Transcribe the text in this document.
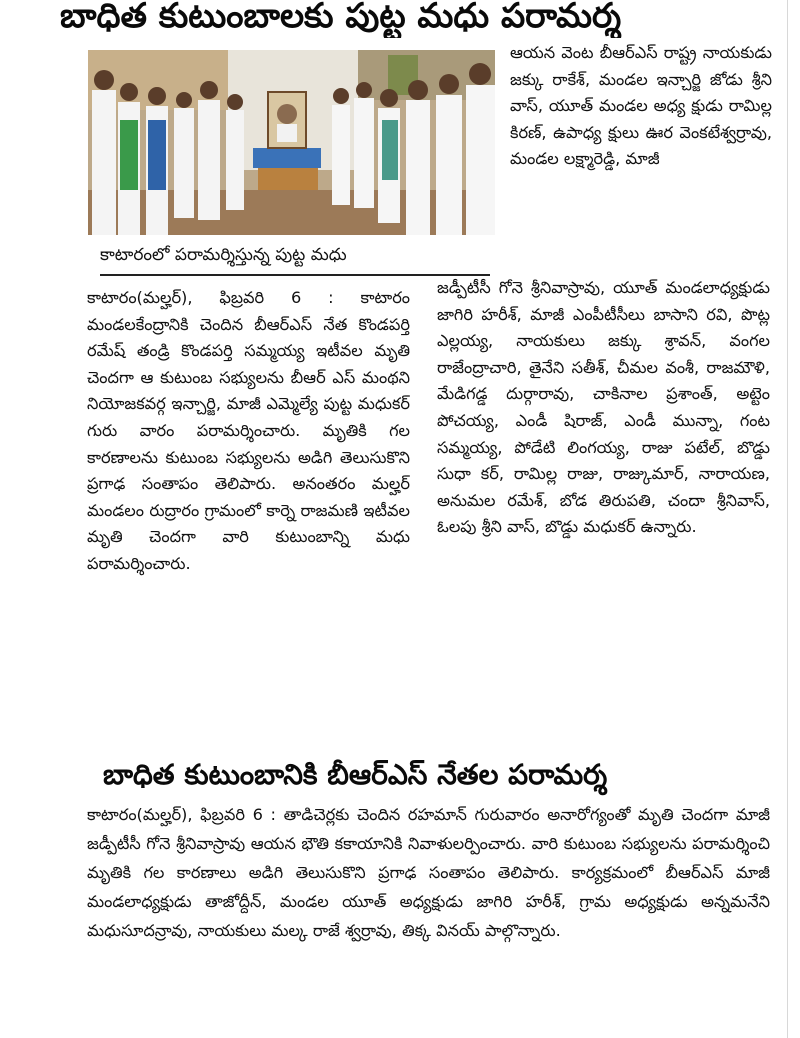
బాధిత కుటుంబాలకు పుట్ట మధు పరామర్శ
కాటారంలో పరామర్శిస్తున్న పుట్ట మధు

ఆయన వెంట బీఆర్ఎస్ రాష్ట్ర నాయకుడు జక్కు రాకేశ్, మండల ఇన్చార్జి జోడు శ్రీని వాస్, యూత్ మండల అధ్య క్షుడు రామిల్ల కిరణ్, ఉపాధ్య క్షులు ఊర వెంకటేశ్వర్రావు, మండల లక్ష్మారెడ్డి, మాజీ

కాటారం(మల్హర్), ఫిబ్రవరి 6 : కాటారం మండలకేంద్రానికి చెందిన బీఆర్ఎస్ నేత కొండపర్తి రమేష్ తండ్రి కొండపర్తి సమ్మయ్య ఇటీవల మృతి చెందగా ఆ కుటుంబ సభ్యులను బీఆర్ ఎస్ మంథని నియోజకవర్గ ఇన్చార్జి, మాజీ ఎమ్మెల్యే పుట్ట మధుకర్ గురు వారం పరామర్శించారు. మృతికి గల కారణాలను కుటుంబ సభ్యులను అడిగి తెలుసుకొని ప్రగాఢ సంతాపం తెలిపారు. అనంతరం మల్హర్ మండలం రుద్రారం గ్రామంలో కార్నె రాజమణి ఇటీవల మృతి చెందగా వారి కుటుంబాన్ని మధు పరామర్శించారు.

జడ్పీటీసీ గోనె శ్రీనివాస్రావు, యూత్ మండలాధ్యక్షుడు జాగిరి హరీశ్, మాజీ ఎంపీటీసీలు బాసాని రవి, పొట్ల ఎల్లయ్య, నాయకులు జక్కు శ్రావన్, వంగల రాజేంద్రాచారి, తైనేని సతీశ్, చీమల వంశీ, రాజమౌళి, మేడిగడ్డ దుర్గారావు, చాకినాల ప్రశాంత్, అట్టెం పోచయ్య, ఎండీ షిరాజ్, ఎండీ మున్నా, గంట సమ్మయ్య, పోడేటి లింగయ్య, రాజు పటేల్, బొడ్డు సుధా కర్, రామిల్ల రాజు, రాజ్కుమార్, నారాయణ, అనుమల రమేశ్, బోడ తిరుపతి, చందా శ్రీనివాస్, ఓలపు శ్రీని వాస్, బొడ్డు మధుకర్ ఉన్నారు.

బాధిత కుటుంబానికి బీఆర్ఎస్ నేతల పరామర్శ

కాటారం(మల్హర్), ఫిబ్రవరి 6 : తాడిచెర్లకు చెందిన రహమాన్ గురువారం అనారోగ్యంతో మృతి చెందగా మాజీ జడ్పీటీసీ గోనె శ్రీనివాస్రావు ఆయన భౌతి కకాయానికి నివాళులర్పించారు. వారి కుటుంబ సభ్యులను పరామర్శించి మృతికి గల కారణాలు అడిగి తెలుసుకొని ప్రగాఢ సంతాపం తెలిపారు. కార్యక్రమంలో బీఆర్ఎస్ మాజీ మండలాధ్యక్షుడు తాజోద్దీన్, మండల యూత్ అధ్యక్షుడు జాగిరి హరీశ్, గ్రామ అధ్యక్షుడు అన్నమనేని మధుసూదన్రావు, నాయకులు మల్క రాజే శ్వర్రావు, తిక్క వినయ్ పాల్గొన్నారు.
